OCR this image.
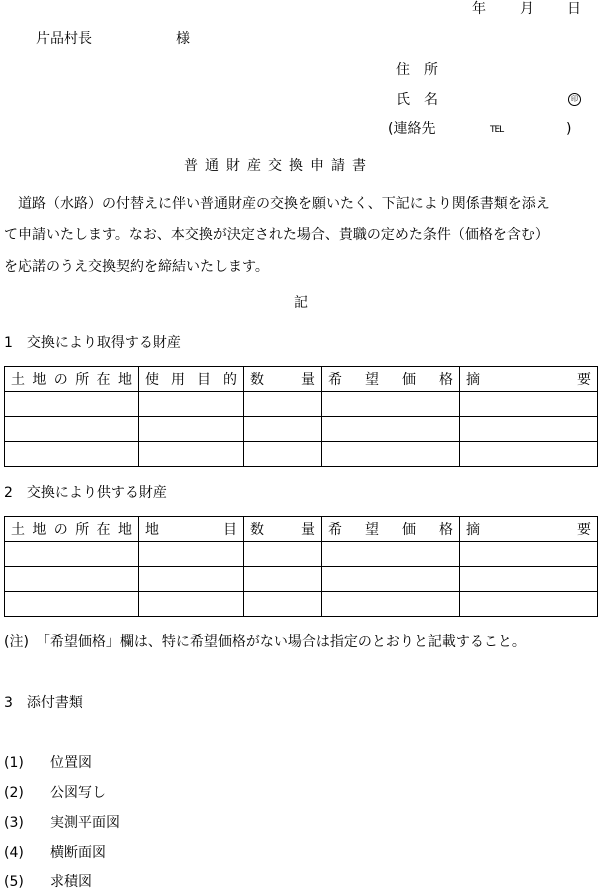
年 月 日
片品村長	様
住　所
氏　名	印
(連絡先	TEL	)
普通財産交換申請書
　道路（水路）の付替えに伴い普通財産の交換を願いたく、下記により関係書類を添え
て申請いたします。なお、本交換が決定された場合、貴職の定めた条件（価格を含む）
を応諾のうえ交換契約を締結いたします。
記
1　交換により取得する財産
土地の所在地	使用目的	数量	希望価格	摘要

2　交換により供する財産
土地の所在地	地目	数量	希望価格	摘要

(注)　「希望価格」欄は、特に希望価格がない場合は指定のとおりと記載すること。
3　添付書類
(1) 位置図
(2) 公図写し
(3) 実測平面図
(4) 横断面図
(5) 求積図
